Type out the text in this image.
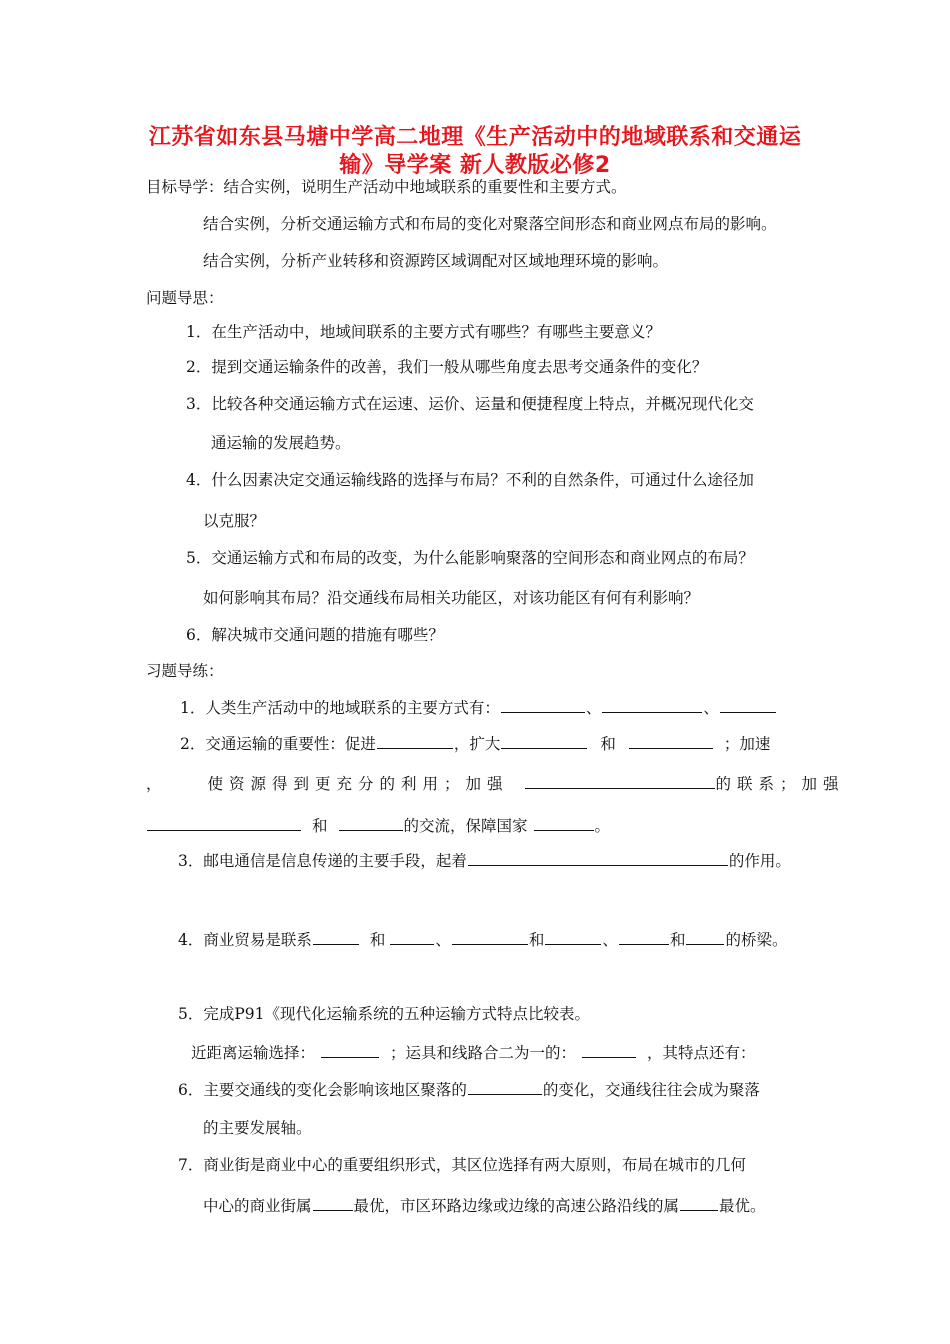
江苏省如东县马塘中学高二地理《生产活动中的地域联系和交通运
输》导学案 新人教版必修2
目标导学：结合实例，说明生产活动中地域联系的重要性和主要方式。
结合实例，分析交通运输方式和布局的变化对聚落空间形态和商业网点布局的影响。
结合实例，分析产业转移和资源跨区域调配对区域地理环境的影响。
问题导思：
1．在生产活动中，地域间联系的主要方式有哪些？有哪些主要意义？
2．提到交通运输条件的改善，我们一般从哪些角度去思考交通条件的变化？
3．比较各种交通运输方式在运速、运价、运量和便捷程度上特点，并概况现代化交
通运输的发展趋势。
4．什么因素决定交通运输线路的选择与布局？不利的自然条件，可通过什么途径加
以克服？
5．交通运输方式和布局的改变，为什么能影响聚落的空间形态和商业网点的布局？
如何影响其布局？沿交通线布局相关功能区，对该功能区有何有利影响？
6．解决城市交通问题的措施有哪些？
习题导练：
1．人类生产活动中的地域联系的主要方式有：	、	、
2．交通运输的重要性：促进	，扩大	和	；加速
，	使资源得到更充分的利用；加强	的联系；加强
和	的交流，保障国家	。
3．邮电通信是信息传递的主要手段，起着	的作用。
4．商业贸易是联系	和	、	和	、	和	的桥梁。
5．完成P91《现代化运输系统的五种运输方式特点比较表。
近距离运输选择：	；运具和线路合二为一的：	，其特点还有：
6．主要交通线的变化会影响该地区聚落的	的变化，交通线往往会成为聚落
的主要发展轴。
7．商业街是商业中心的重要组织形式，其区位选择有两大原则，布局在城市的几何
中心的商业街属	最优，市区环路边缘或边缘的高速公路沿线的属	最优。
